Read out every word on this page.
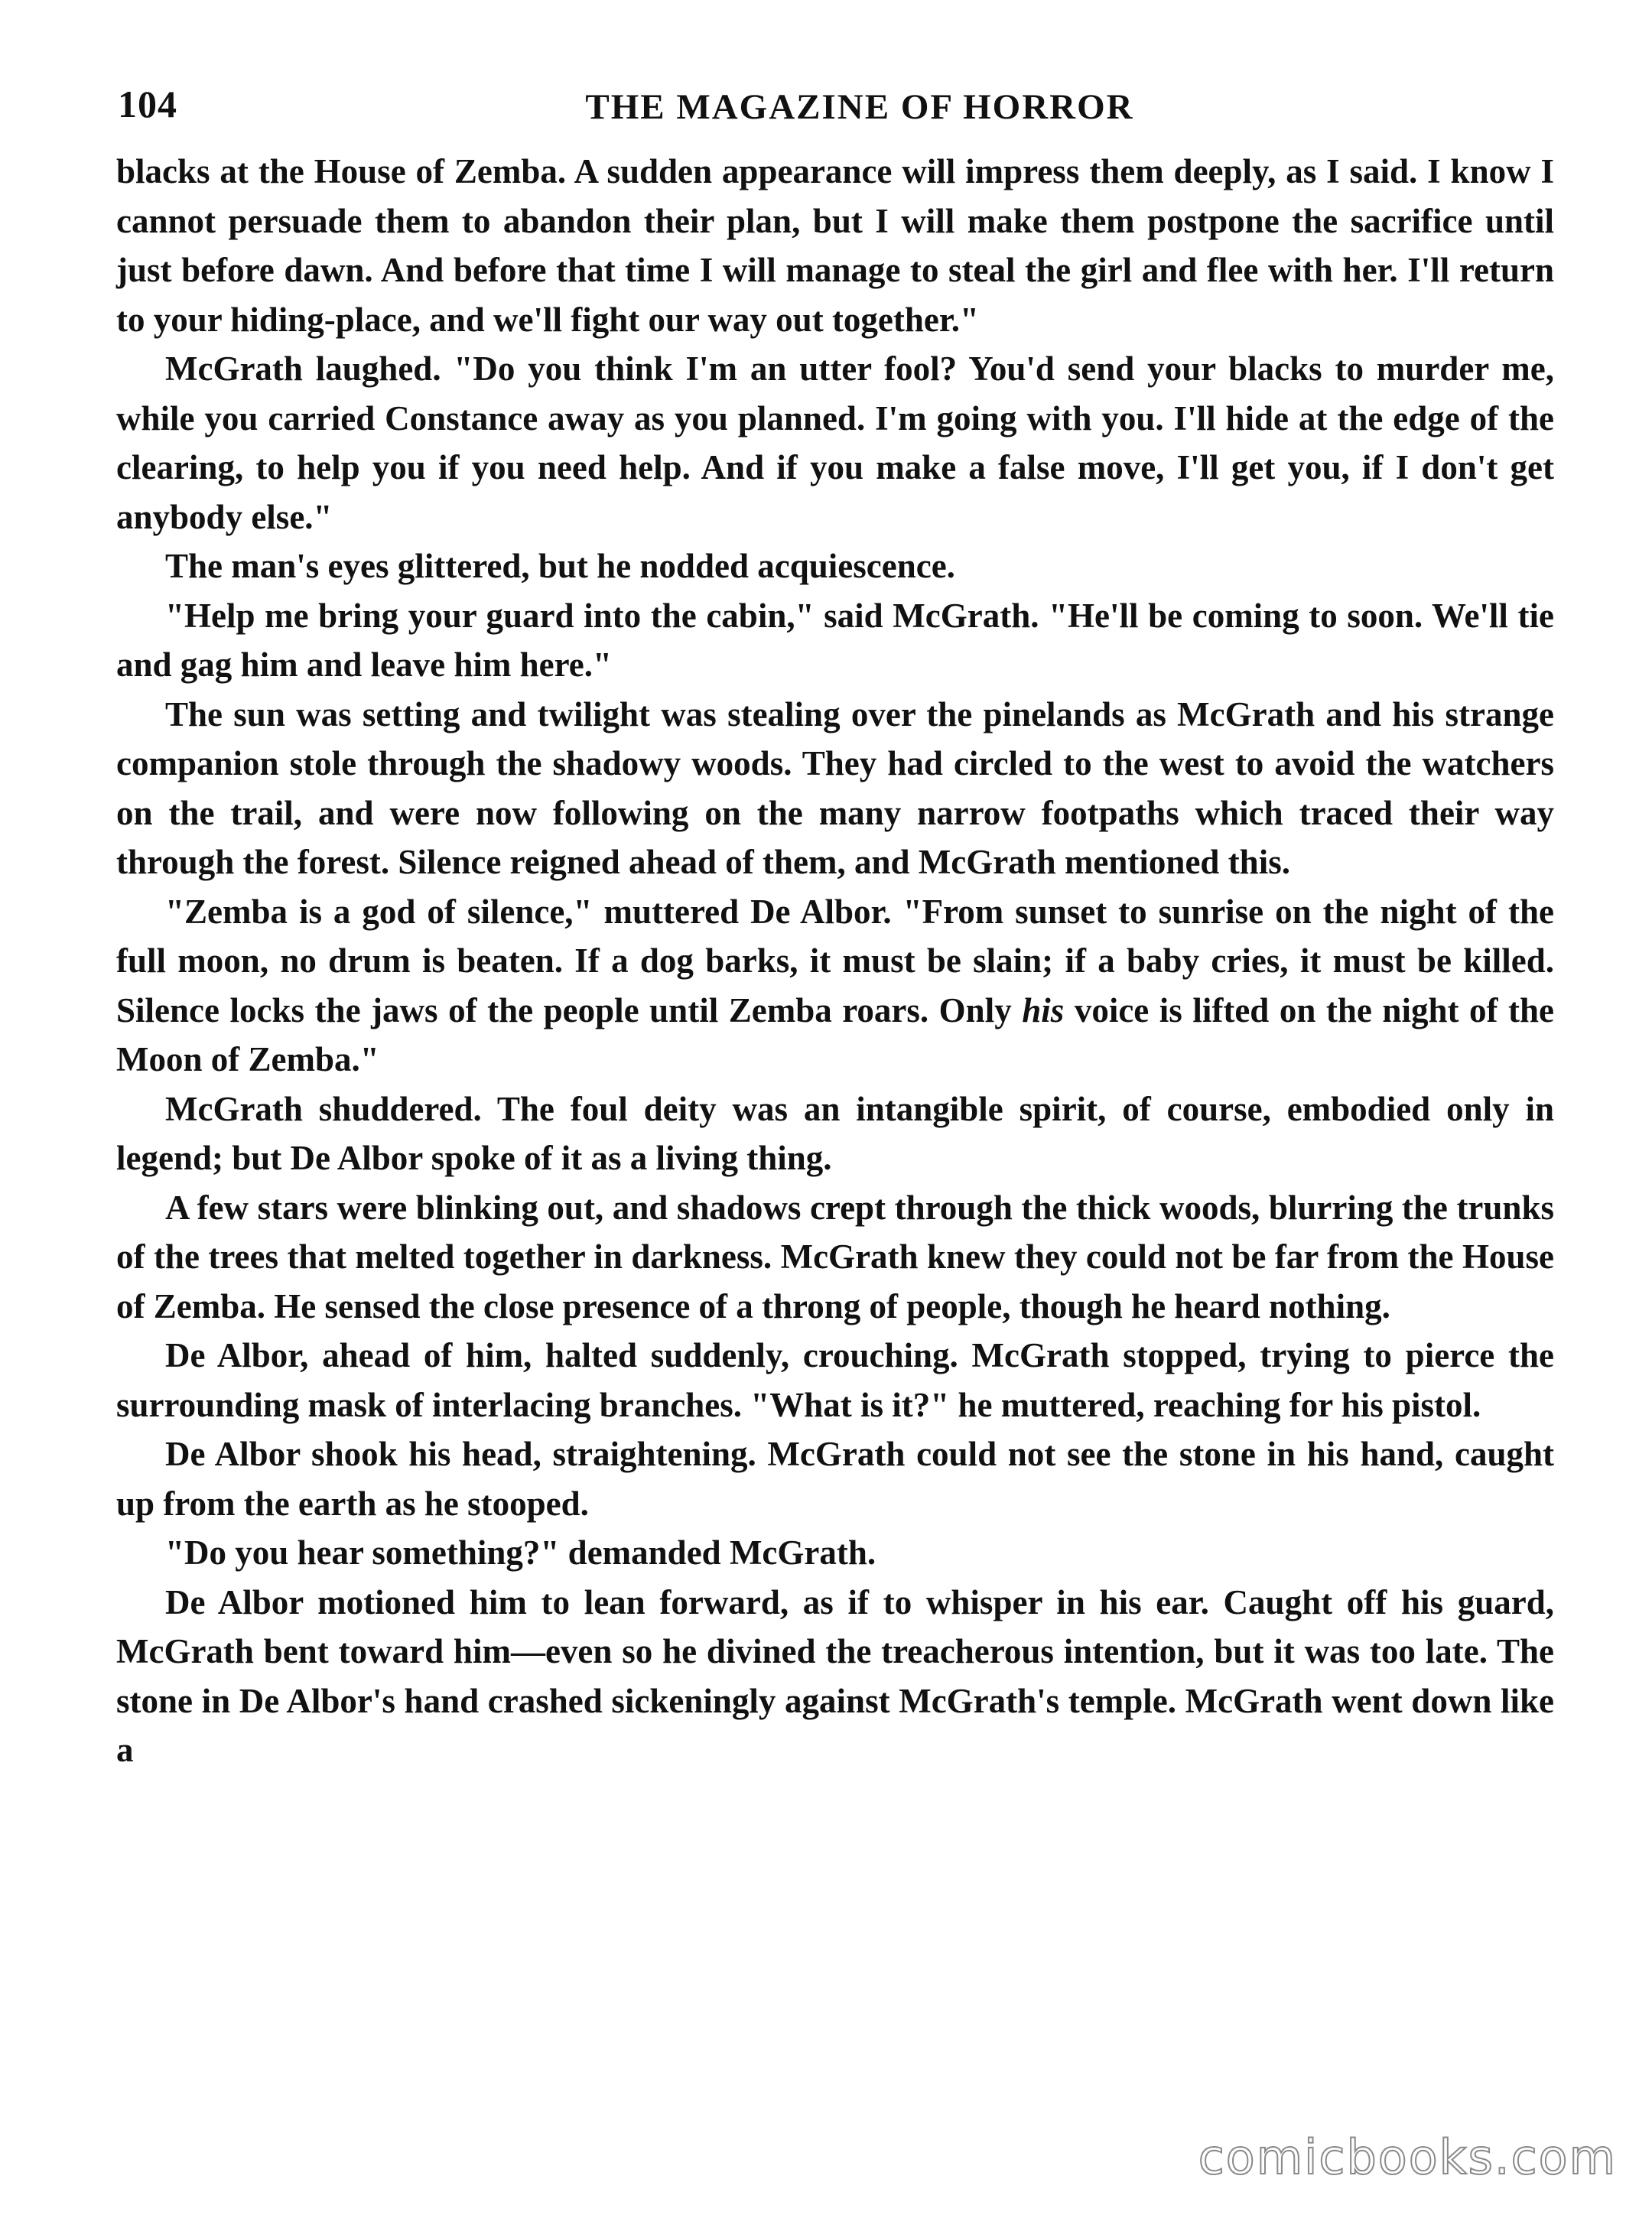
104	THE MAGAZINE OF HORROR

blacks at the House of Zemba. A sudden appearance will impress them deeply, as I said. I know I cannot persuade them to abandon their plan, but I will make them postpone the sacrifice until just before dawn. And before that time I will manage to steal the girl and flee with her. I'll return to your hiding-place, and we'll fight our way out together."

McGrath laughed. "Do you think I'm an utter fool? You'd send your blacks to murder me, while you carried Constance away as you planned. I'm going with you. I'll hide at the edge of the clearing, to help you if you need help. And if you make a false move, I'll get you, if I don't get anybody else."

The man's eyes glittered, but he nodded acquiescence.

"Help me bring your guard into the cabin," said McGrath. "He'll be coming to soon. We'll tie and gag him and leave him here."

The sun was setting and twilight was stealing over the pinelands as McGrath and his strange companion stole through the shadowy woods. They had circled to the west to avoid the watchers on the trail, and were now following on the many narrow footpaths which traced their way through the forest. Silence reigned ahead of them, and McGrath mentioned this.

"Zemba is a god of silence," muttered De Albor. "From sunset to sunrise on the night of the full moon, no drum is beaten. If a dog barks, it must be slain; if a baby cries, it must be killed. Silence locks the jaws of the people until Zemba roars. Only his voice is lifted on the night of the Moon of Zemba."

McGrath shuddered. The foul deity was an intangible spirit, of course, embodied only in legend; but De Albor spoke of it as a living thing.

A few stars were blinking out, and shadows crept through the thick woods, blurring the trunks of the trees that melted together in darkness. McGrath knew they could not be far from the House of Zemba. He sensed the close presence of a throng of people, though he heard nothing.

De Albor, ahead of him, halted suddenly, crouching. McGrath stopped, trying to pierce the surrounding mask of interlacing branches. "What is it?" he muttered, reaching for his pistol.

De Albor shook his head, straightening. McGrath could not see the stone in his hand, caught up from the earth as he stooped.

"Do you hear something?" demanded McGrath.

De Albor motioned him to lean forward, as if to whisper in his ear. Caught off his guard, McGrath bent toward him—even so he divined the treacherous intention, but it was too late. The stone in De Albor's hand crashed sickeningly against McGrath's temple. McGrath went down like a

comicbooks.com
